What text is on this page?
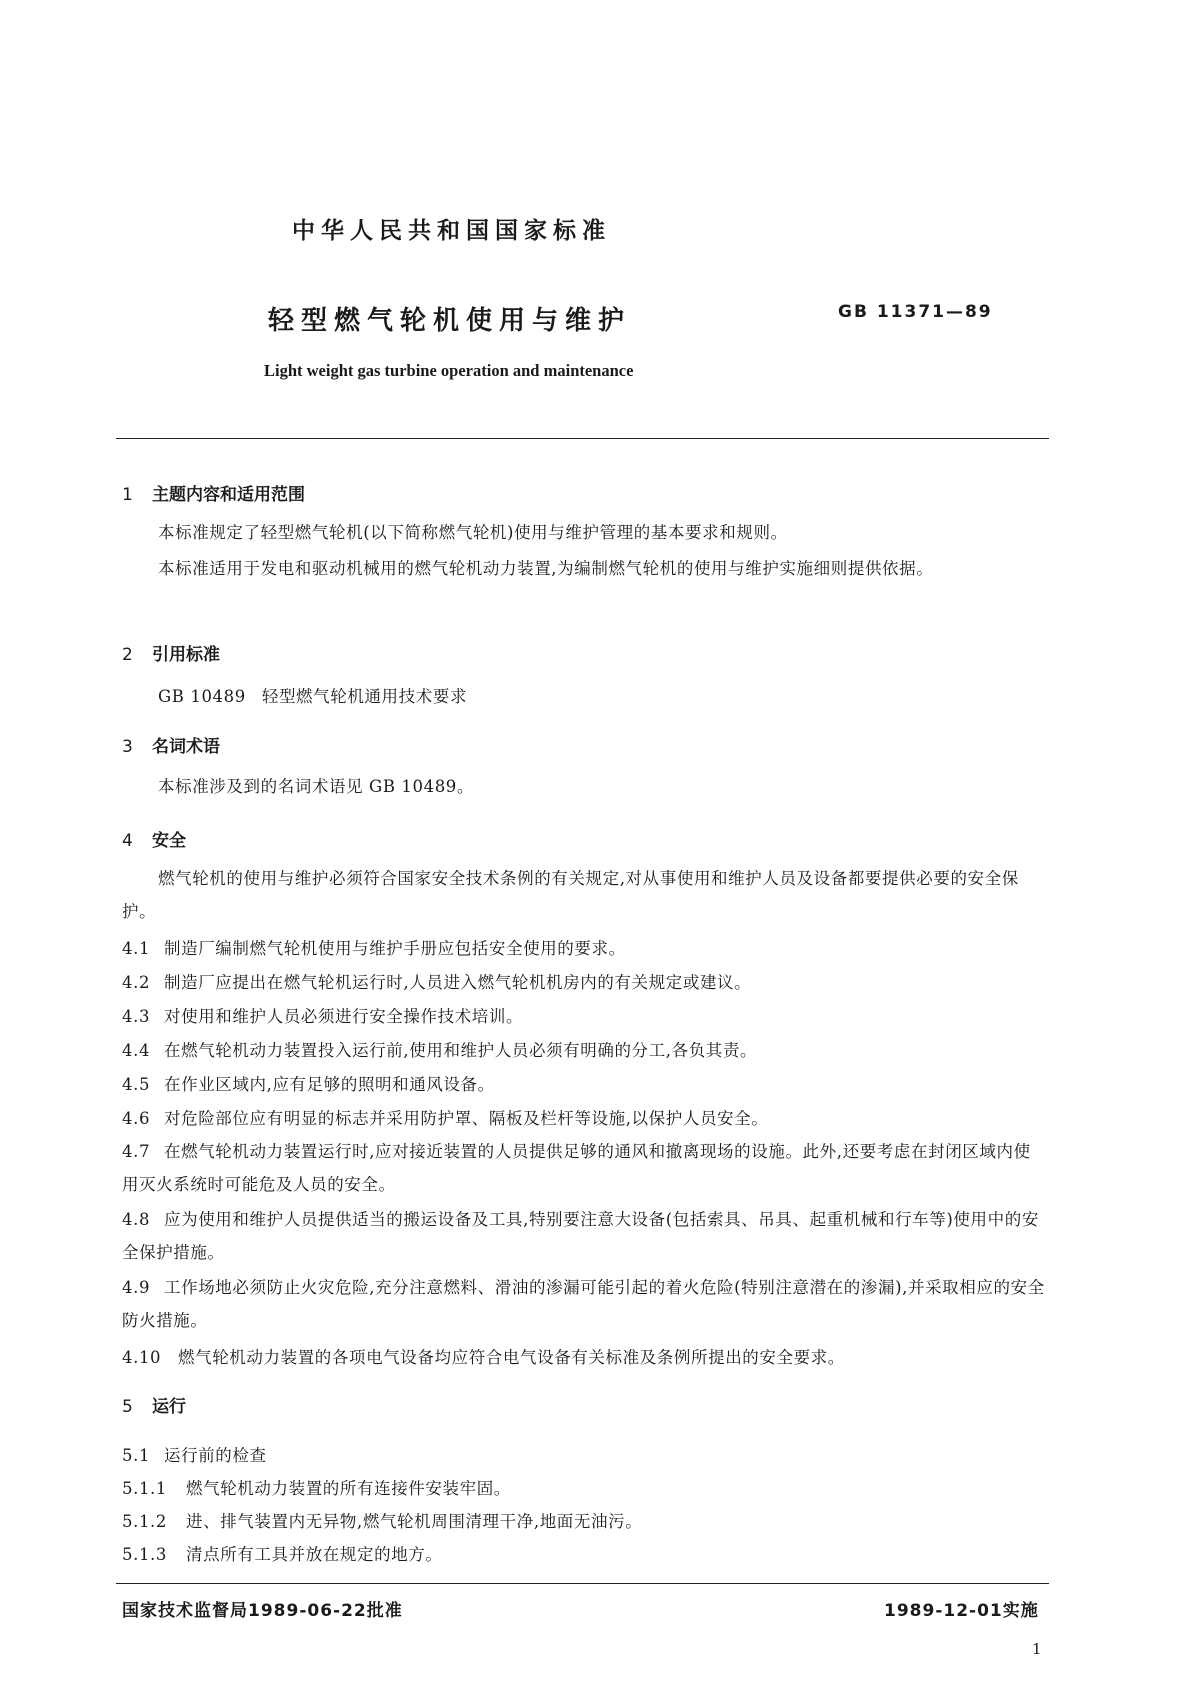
中华人民共和国国家标准
轻型燃气轮机使用与维护	GB 11371—89
Light weight gas turbine operation and maintenance
1 主题内容和适用范围
本标准规定了轻型燃气轮机(以下简称燃气轮机)使用与维护管理的基本要求和规则。
本标准适用于发电和驱动机械用的燃气轮机动力装置,为编制燃气轮机的使用与维护实施细则提供依据。
2 引用标准
GB 10489 轻型燃气轮机通用技术要求
3 名词术语
本标准涉及到的名词术语见 GB 10489。
4 安全
燃气轮机的使用与维护必须符合国家安全技术条例的有关规定,对从事使用和维护人员及设备都要提供必要的安全保护。
4.1 制造厂编制燃气轮机使用与维护手册应包括安全使用的要求。
4.2 制造厂应提出在燃气轮机运行时,人员进入燃气轮机机房内的有关规定或建议。
4.3 对使用和维护人员必须进行安全操作技术培训。
4.4 在燃气轮机动力装置投入运行前,使用和维护人员必须有明确的分工,各负其责。
4.5 在作业区域内,应有足够的照明和通风设备。
4.6 对危险部位应有明显的标志并采用防护罩、隔板及栏杆等设施,以保护人员安全。
4.7 在燃气轮机动力装置运行时,应对接近装置的人员提供足够的通风和撤离现场的设施。此外,还要考虑在封闭区域内使用灭火系统时可能危及人员的安全。
4.8 应为使用和维护人员提供适当的搬运设备及工具,特别要注意大设备(包括索具、吊具、起重机械和行车等)使用中的安全保护措施。
4.9 工作场地必须防止火灾危险,充分注意燃料、滑油的渗漏可能引起的着火危险(特别注意潜在的渗漏),并采取相应的安全防火措施。
4.10 燃气轮机动力装置的各项电气设备均应符合电气设备有关标准及条例所提出的安全要求。
5 运行
5.1 运行前的检查
5.1.1 燃气轮机动力装置的所有连接件安装牢固。
5.1.2 进、排气装置内无异物,燃气轮机周围清理干净,地面无油污。
5.1.3 清点所有工具并放在规定的地方。
国家技术监督局1989-06-22批准	1989-12-01实施
1
